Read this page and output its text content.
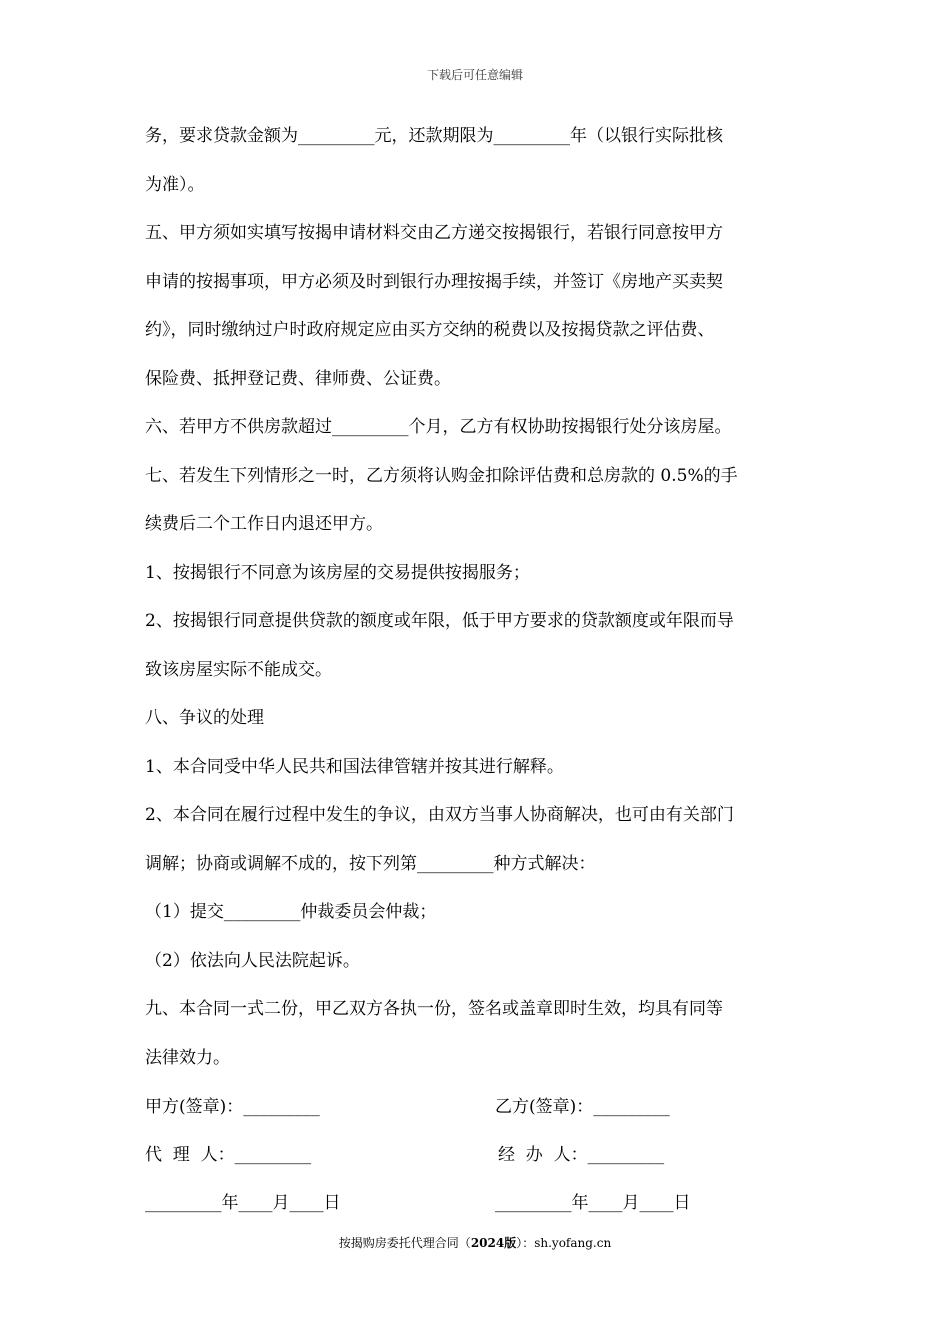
下载后可任意编辑
务，要求贷款金额为_________元，还款期限为_________年（以银行实际批核
为准）。
五、甲方须如实填写按揭申请材料交由乙方递交按揭银行，若银行同意按甲方
申请的按揭事项，甲方必须及时到银行办理按揭手续，并签订《房地产买卖契
约》，同时缴纳过户时政府规定应由买方交纳的税费以及按揭贷款之评估费、
保险费、抵押登记费、律师费、公证费。
六、若甲方不供房款超过_________个月，乙方有权协助按揭银行处分该房屋。
七、若发生下列情形之一时，乙方须将认购金扣除评估费和总房款的 0.5%的手
续费后二个工作日内退还甲方。
1、按揭银行不同意为该房屋的交易提供按揭服务；
2、按揭银行同意提供贷款的额度或年限，低于甲方要求的贷款额度或年限而导
致该房屋实际不能成交。
八、争议的处理
1、本合同受中华人民共和国法律管辖并按其进行解释。
2、本合同在履行过程中发生的争议，由双方当事人协商解决，也可由有关部门
调解；协商或调解不成的，按下列第_________种方式解决：
（1）提交_________仲裁委员会仲裁；
（2）依法向人民法院起诉。
九、本合同一式二份，甲乙双方各执一份，签名或盖章即时生效，均具有同等
法律效力。
甲方(签章)：_________	乙方(签章)：_________
代  理  人：_________	经  办  人：_________
_________年____月____日	_________年____月____日
按揭购房委托代理合同（2024版）：sh.yofang.cn
